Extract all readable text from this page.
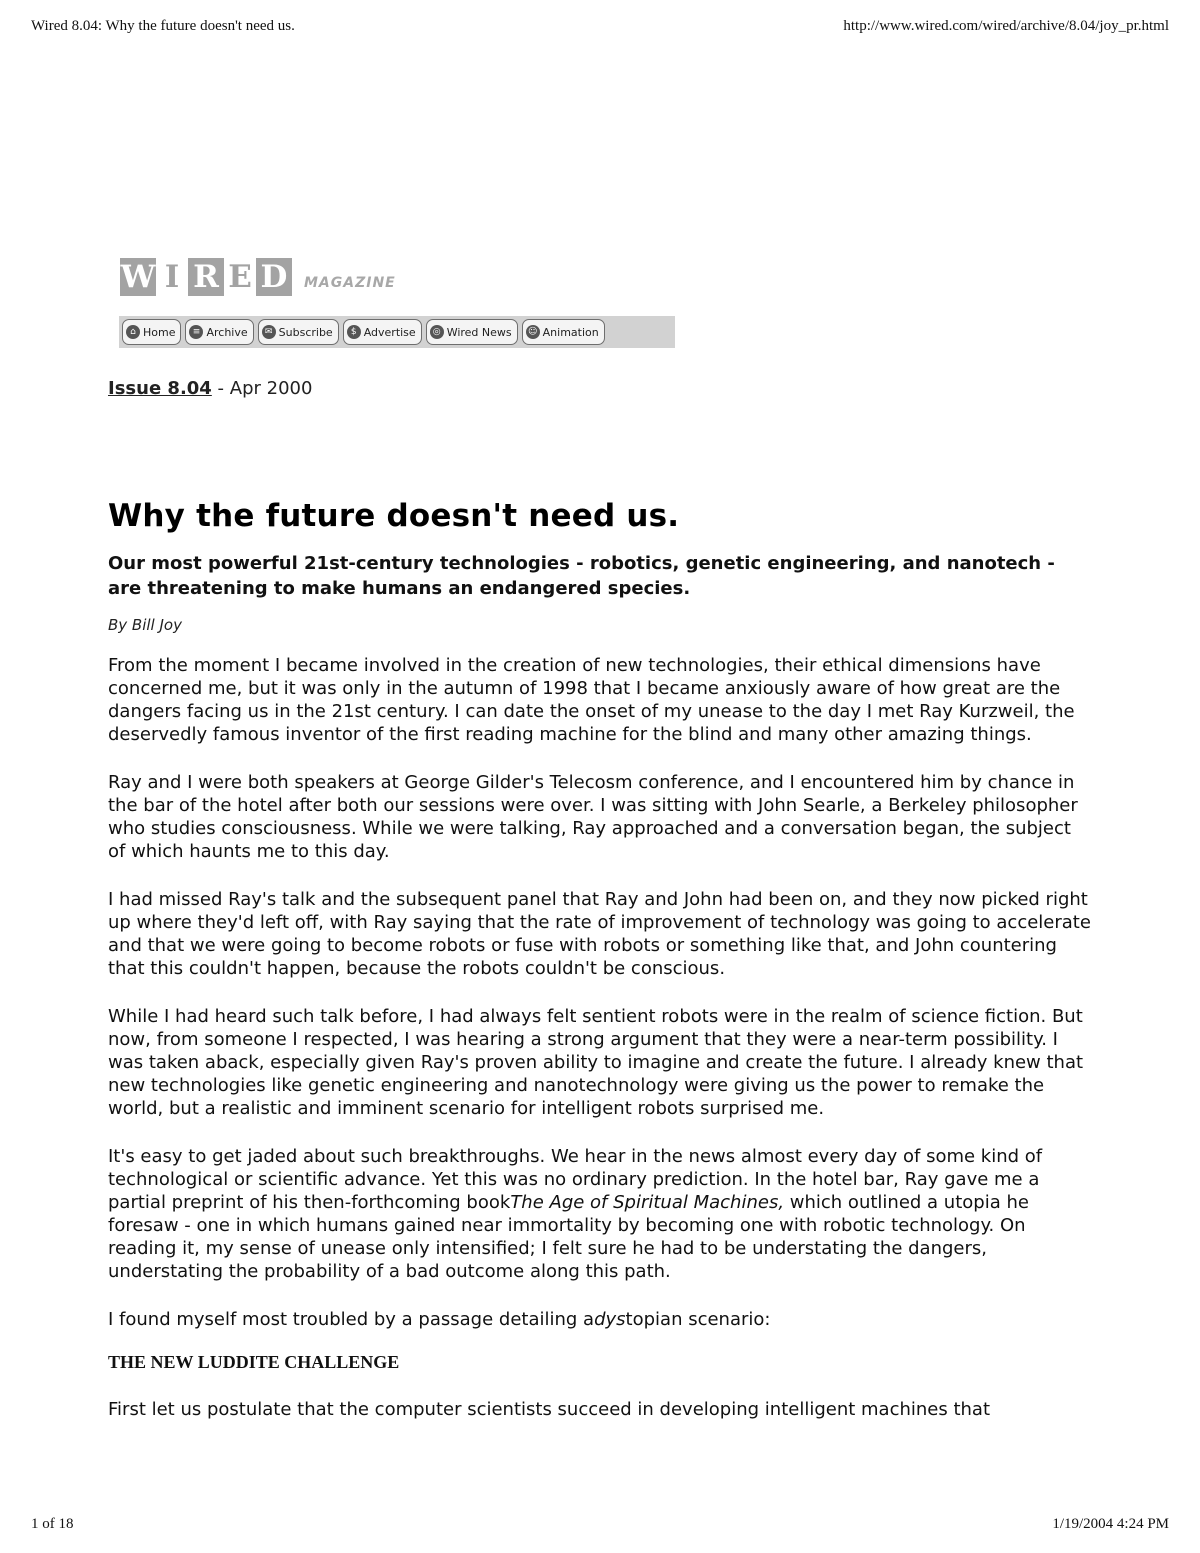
Wired 8.04: Why the future doesn't need us.	http://www.wired.com/wired/archive/8.04/joy_pr.html
W I R E D	MAGAZINE
⌂ Home	≡ Archive	✉ Subscribe	$ Advertise	◎ Wired News ☺ Animation
Issue 8.04 - Apr 2000
Why the future doesn't need us.

Our most powerful 21st-century technologies - robotics, genetic engineering, and nanotech - are threatening to make humans an endangered species.

By Bill Joy

From the moment I became involved in the creation of new technologies, their ethical dimensions have concerned me, but it was only in the autumn of 1998 that I became anxiously aware of how great are the dangers facing us in the 21st century. I can date the onset of my unease to the day I met Ray Kurzweil, the deservedly famous inventor of the first reading machine for the blind and many other amazing things.

Ray and I were both speakers at George Gilder's Telecosm conference, and I encountered him by chance in the bar of the hotel after both our sessions were over. I was sitting with John Searle, a Berkeley philosopher who studies consciousness. While we were talking, Ray approached and a conversation began, the subject of which haunts me to this day.

I had missed Ray's talk and the subsequent panel that Ray and John had been on, and they now picked right up where they'd left off, with Ray saying that the rate of improvement of technology was going to accelerate and that we were going to become robots or fuse with robots or something like that, and John countering that this couldn't happen, because the robots couldn't be conscious.

While I had heard such talk before, I had always felt sentient robots were in the realm of science fiction. But now, from someone I respected, I was hearing a strong argument that they were a near-term possibility. I was taken aback, especially given Ray's proven ability to imagine and create the future. I already knew that new technologies like genetic engineering and nanotechnology were giving us the power to remake the world, but a realistic and imminent scenario for intelligent robots surprised me.

It's easy to get jaded about such breakthroughs. We hear in the news almost every day of some kind of technological or scientific advance. Yet this was no ordinary prediction. In the hotel bar, Ray gave me a partial preprint of his then-forthcoming bookThe Age of Spiritual Machines, which outlined a utopia he foresaw - one in which humans gained near immortality by becoming one with robotic technology. On reading it, my sense of unease only intensified; I felt sure he had to be understating the dangers, understating the probability of a bad outcome along this path.

I found myself most troubled by a passage detailing adystopian scenario:

THE NEW LUDDITE CHALLENGE

First let us postulate that the computer scientists succeed in developing intelligent machines that

1 of 18	1/19/2004 4:24 PM
